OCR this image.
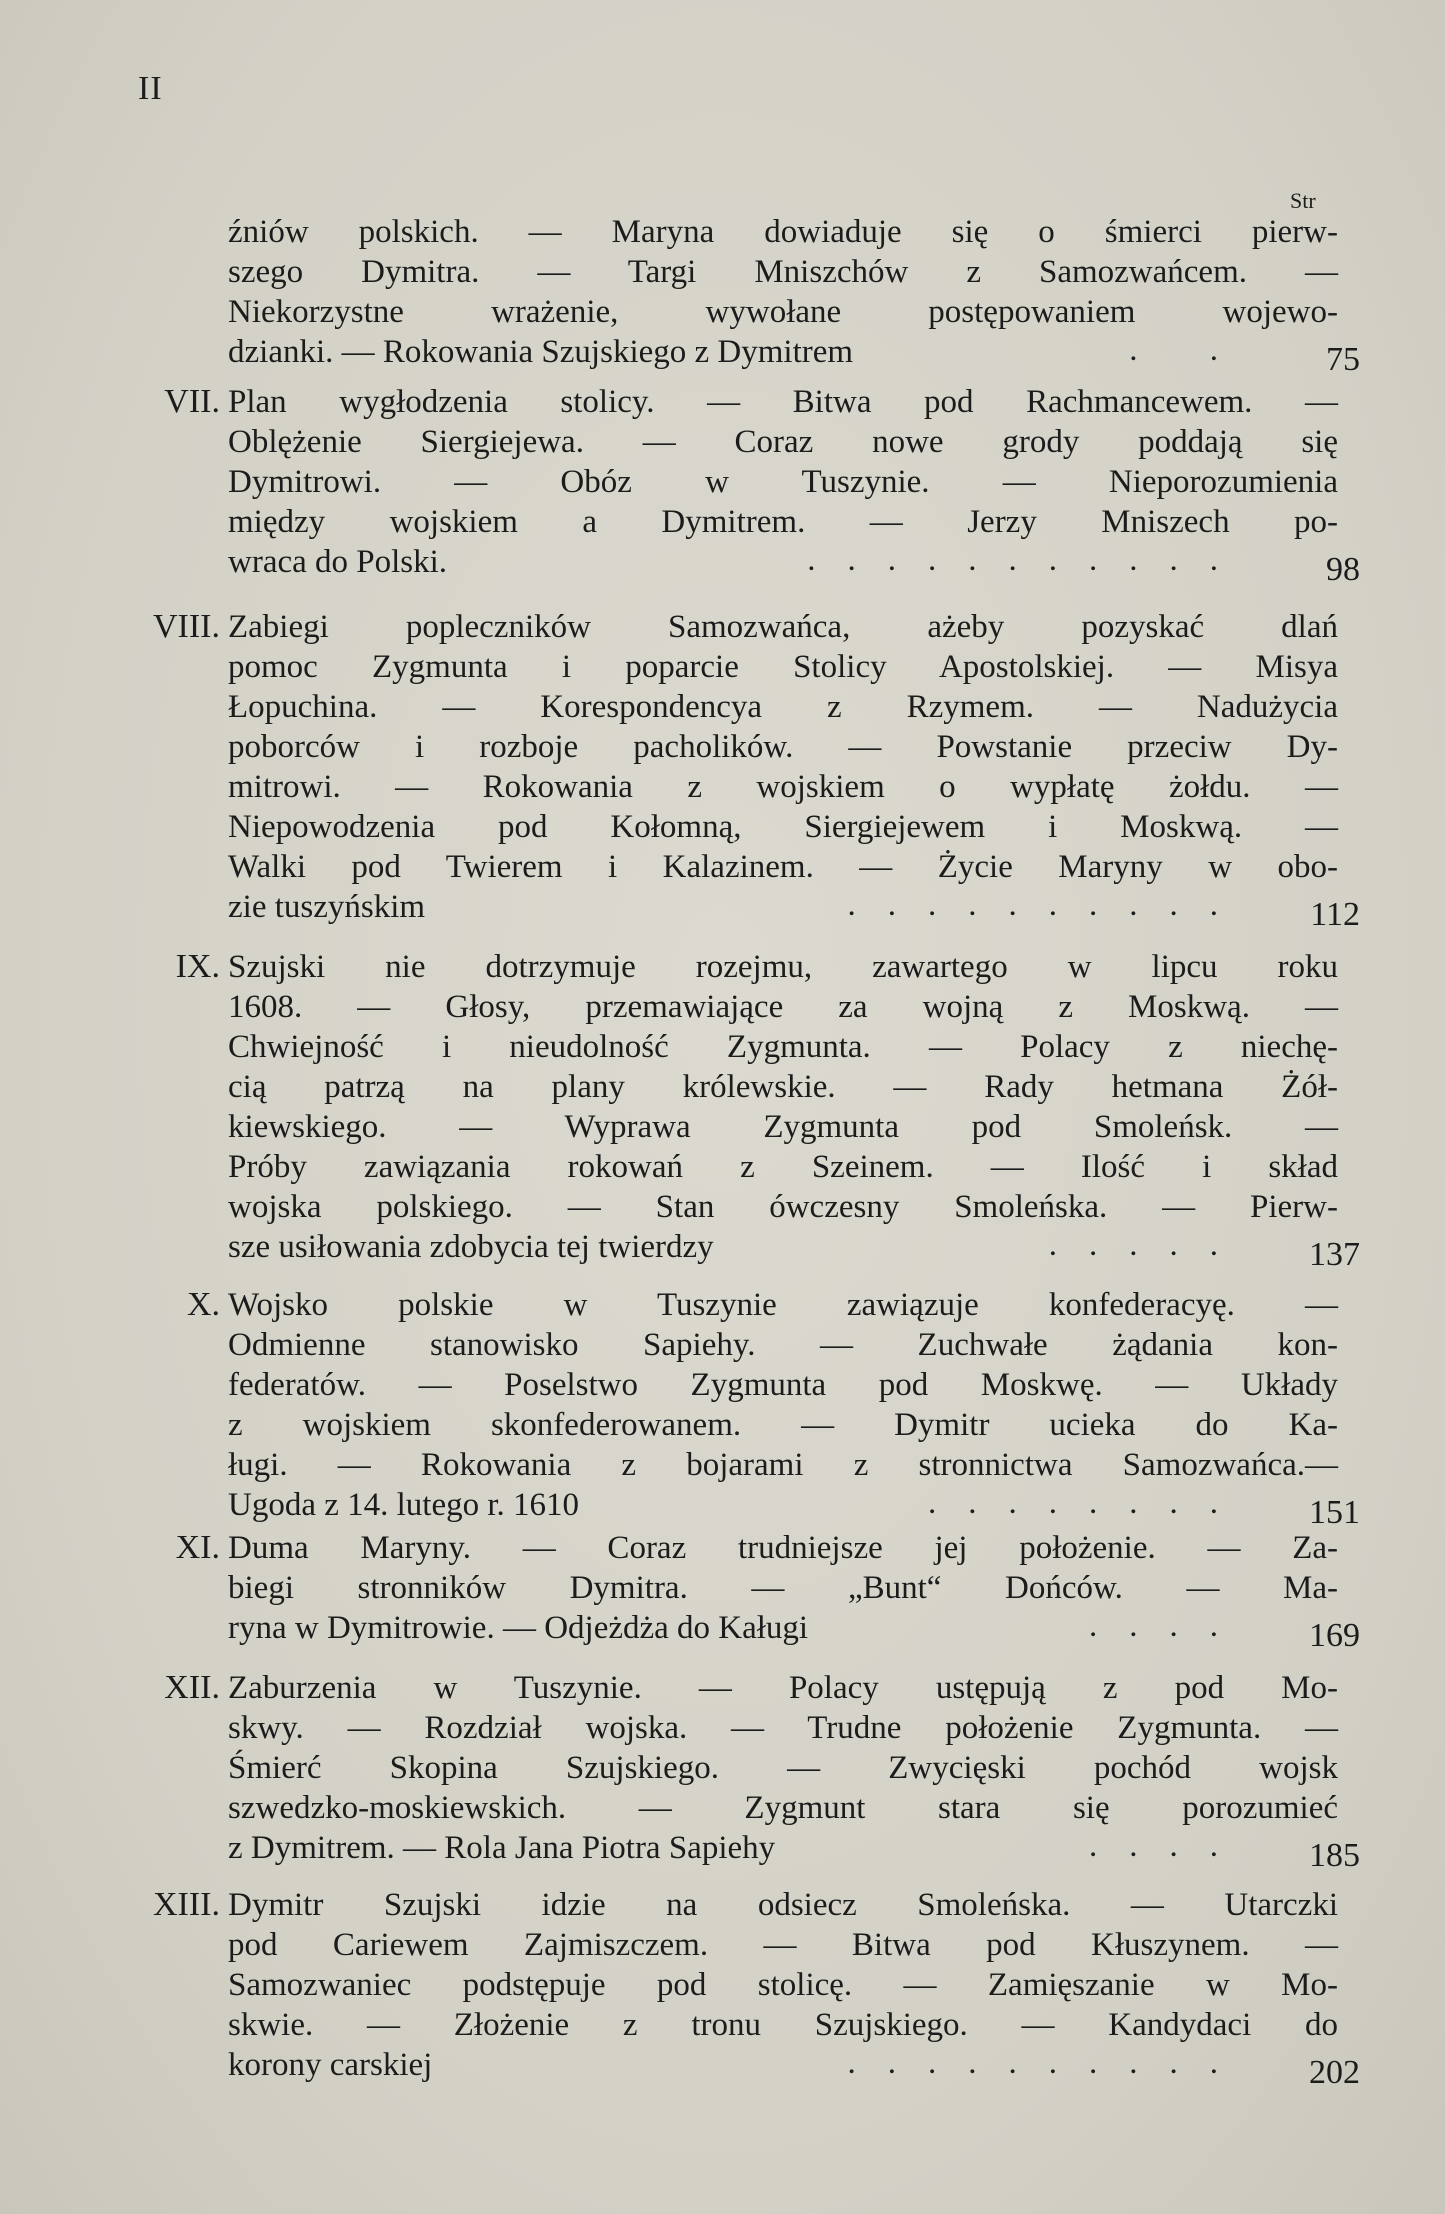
II
Str
źniów polskich. — Maryna dowiaduje się o śmierci pierw-
szego Dymitra. — Targi Mniszchów z Samozwańcem. —
Niekorzystne wrażenie, wywołane postępowaniem wojewo-
dzianki. — Rokowania Szujskiego z Dymitrem	. . 75
VII. Plan wygłodzenia stolicy. — Bitwa pod Rachmancewem. —
Oblężenie Siergiejewa. — Coraz nowe grody poddają się
Dymitrowi. — Obóz w Tuszynie. — Nieporozumienia
między wojskiem a Dymitrem. — Jerzy Mniszech po-
wraca do Polski.	........... 98
VIII. Zabiegi popleczników Samozwańca, ażeby pozyskać dlań
pomoc Zygmunta i poparcie Stolicy Apostolskiej. — Misya
Łopuchina. — Korespondencya z Rzymem. — Nadużycia
poborców i rozboje pacholików. — Powstanie przeciw Dy-
mitrowi. — Rokowania z wojskiem o wypłatę żołdu. —
Niepowodzenia pod Kołomną, Siergiejewem i Moskwą. —
Walki pod Twierem i Kalazinem. — Życie Maryny w obo-
zie tuszyńskim	.......... 112
IX. Szujski nie dotrzymuje rozejmu, zawartego w lipcu roku
1608. — Głosy, przemawiające za wojną z Moskwą. —
Chwiejność i nieudolność Zygmunta. — Polacy z niechę-
cią patrzą na plany królewskie. — Rady hetmana Żół-
kiewskiego. — Wyprawa Zygmunta pod Smoleńsk. —
Próby zawiązania rokowań z Szeinem. — Ilość i skład
wojska polskiego. — Stan ówczesny Smoleńska. — Pierw-
sze usiłowania zdobycia tej twierdzy	..... 137
X. Wojsko polskie w Tuszynie zawiązuje konfederacyę. —
Odmienne stanowisko Sapiehy. — Zuchwałe żądania kon-
federatów. — Poselstwo Zygmunta pod Moskwę. — Układy
z wojskiem skonfederowanem. — Dymitr ucieka do Ka-
ługi. — Rokowania z bojarami z stronnictwa Samozwańca.—
Ugoda z 14. lutego r. 1610	........ 151
XI. Duma Maryny. — Coraz trudniejsze jej położenie. — Za-
biegi stronników Dymitra. — „Bunt“ Dońców. — Ma-
ryna w Dymitrowie. — Odjeżdża do Kaługi	.... 169
XII. Zaburzenia w Tuszynie. — Polacy ustępują z pod Mo-
skwy. — Rozdział wojska. — Trudne położenie Zygmunta. —
Śmierć Skopina Szujskiego. — Zwycięski pochód wojsk
szwedzko-moskiewskich. — Zygmunt stara się porozumieć
z Dymitrem. — Rola Jana Piotra Sapiehy	.... 185
XIII. Dymitr Szujski idzie na odsiecz Smoleńska. — Utarczki
pod Cariewem Zajmiszczem. — Bitwa pod Kłuszynem. —
Samozwaniec podstępuje pod stolicę. — Zamięszanie w Mo-
skwie. — Złożenie z tronu Szujskiego. — Kandydaci do
korony carskiej	.......... 202
